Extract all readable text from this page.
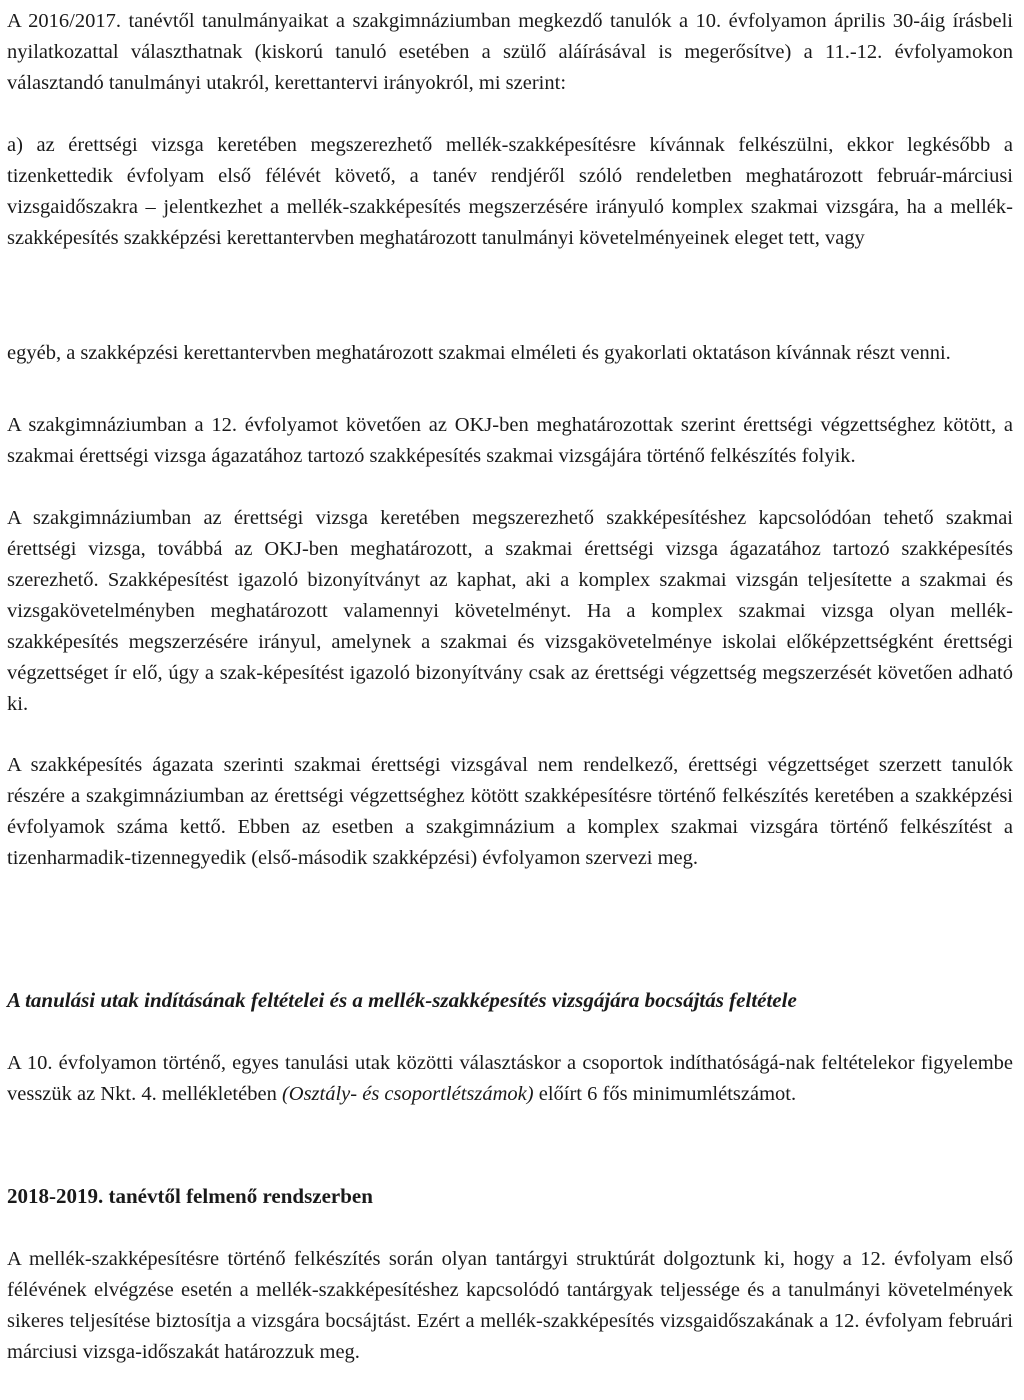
A 2016/2017. tanévtől tanulmányaikat a szakgimnáziumban megkezdő tanulók a 10. évfolyamon április 30-áig írásbeli nyilatkozattal választhatnak (kiskorú tanuló esetében a szülő aláírásával is megerősítve) a 11.-12. évfolyamokon választandó tanulmányi utakról, kerettantervi irányokról, mi szerint:

a) az érettségi vizsga keretében megszerezhető mellék-szakképesítésre kívánnak felkészülni, ekkor legkésőbb a tizenkettedik évfolyam első félévét követő, a tanév rendjéről szóló rendeletben meghatározott február-márciusi vizsgaidőszakra – jelentkezhet a mellék-szakképesítés megszerzésére irányuló komplex szakmai vizsgára, ha a mellék-szakképesítés szakképzési kerettantervben meghatározott tanulmányi követelményeinek eleget tett, vagy

egyéb, a szakképzési kerettantervben meghatározott szakmai elméleti és gyakorlati oktatáson kívánnak részt venni.

A szakgimnáziumban a 12. évfolyamot követően az OKJ-ben meghatározottak szerint érettségi végzettséghez kötött, a szakmai érettségi vizsga ágazatához tartozó szakképesítés szakmai vizsgájára történő felkészítés folyik.

A szakgimnáziumban az érettségi vizsga keretében megszerezhető szakképesítéshez kapcsolódóan tehető szakmai érettségi vizsga, továbbá az OKJ-ben meghatározott, a szakmai érettségi vizsga ágazatához tartozó szakképesítés szerezhető. Szakképesítést igazoló bizonyítványt az kaphat, aki a komplex szakmai vizsgán teljesítette a szakmai és vizsgakövetelményben meghatározott valamennyi követelményt. Ha a komplex szakmai vizsga olyan mellék-szakképesítés megszerzésére irányul, amelynek a szakmai és vizsgakövetelménye iskolai előképzettségként érettségi végzettséget ír elő, úgy a szak-képesítést igazoló bizonyítvány csak az érettségi végzettség megszerzését követően adható ki.

A szakképesítés ágazata szerinti szakmai érettségi vizsgával nem rendelkező, érettségi végzettséget szerzett tanulók részére a szakgimnáziumban az érettségi végzettséghez kötött szakképesítésre történő felkészítés keretében a szakképzési évfolyamok száma kettő. Ebben az esetben a szakgimnázium a komplex szakmai vizsgára történő felkészítést a tizenharmadik-tizennegyedik (első-második szakképzési) évfolyamon szervezi meg.

A tanulási utak indításának feltételei és a mellék-szakképesítés vizsgájára bocsájtás feltétele

A 10. évfolyamon történő, egyes tanulási utak közötti választáskor a csoportok indíthatóságá-nak feltételekor figyelembe vesszük az Nkt. 4. mellékletében (Osztály- és csoportlétszámok) előírt 6 fős minimumlétszámot.

2018-2019. tanévtől felmenő rendszerben

A mellék-szakképesítésre történő felkészítés során olyan tantárgyi struktúrát dolgoztunk ki, hogy a 12. évfolyam első félévének elvégzése esetén a mellék-szakképesítéshez kapcsolódó tantárgyak teljessége és a tanulmányi követelmények sikeres teljesítése biztosítja a vizsgára bocsájtást. Ezért a mellék-szakképesítés vizsgaidőszakának a 12. évfolyam februári márciusi vizsga-időszakát határozzuk meg.
